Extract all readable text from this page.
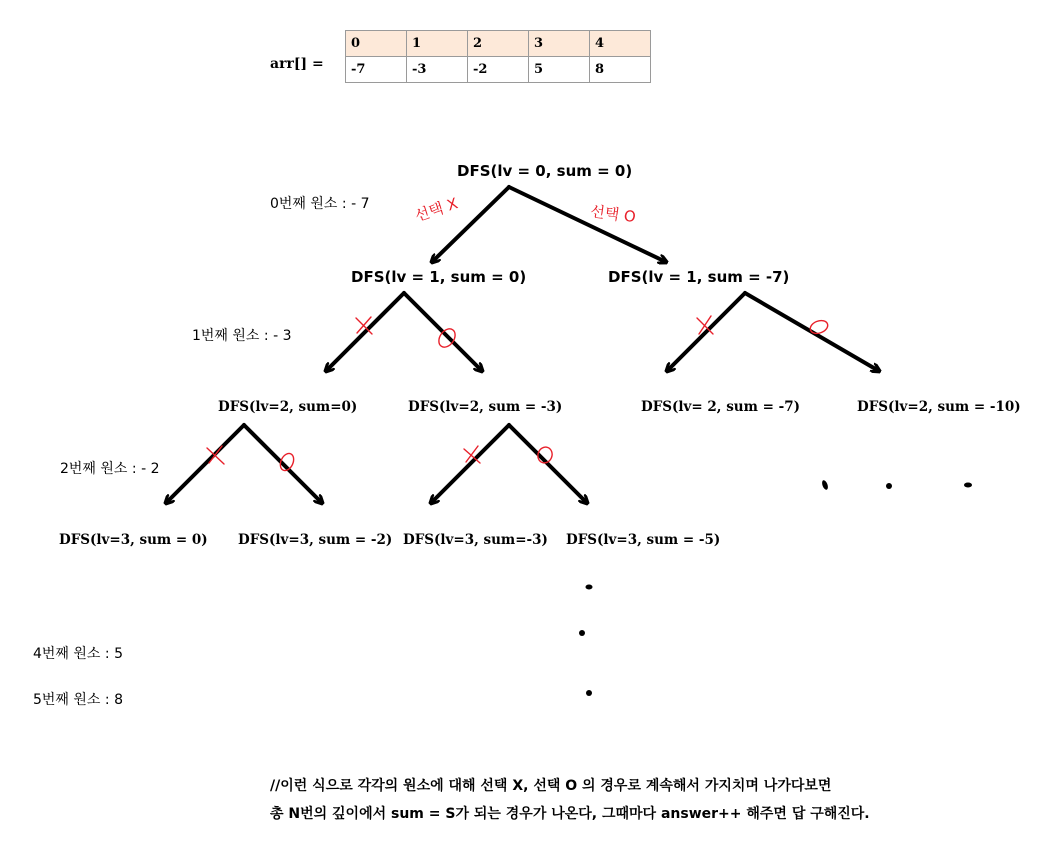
arr[] =
0	1	2	3	4
-7	-3	-2	5	8
선택 X	선택 O
DFS(lv = 0, sum = 0)
DFS(lv = 1, sum = 0)	DFS(lv = 1, sum = -7)
DFS(lv=2, sum=0)	DFS(lv=2, sum = -3)	DFS(lv= 2, sum = -7)	DFS(lv=2, sum = -10)
DFS(lv=3, sum = 0) DFS(lv=3, sum = -2) DFS(lv=3, sum=-3) DFS(lv=3, sum = -5)
0번째 원소 : - 7
1번째 원소 : - 3
2번째 원소 : - 2
4번째 원소 : 5
5번째 원소 : 8
//이런 식으로 각각의 원소에 대해 선택 X, 선택 O 의 경우로 계속해서 가지치며 나가다보면
총 N번의 깊이에서 sum = S가 되는 경우가 나온다, 그때마다 answer++ 해주면 답 구해진다.
